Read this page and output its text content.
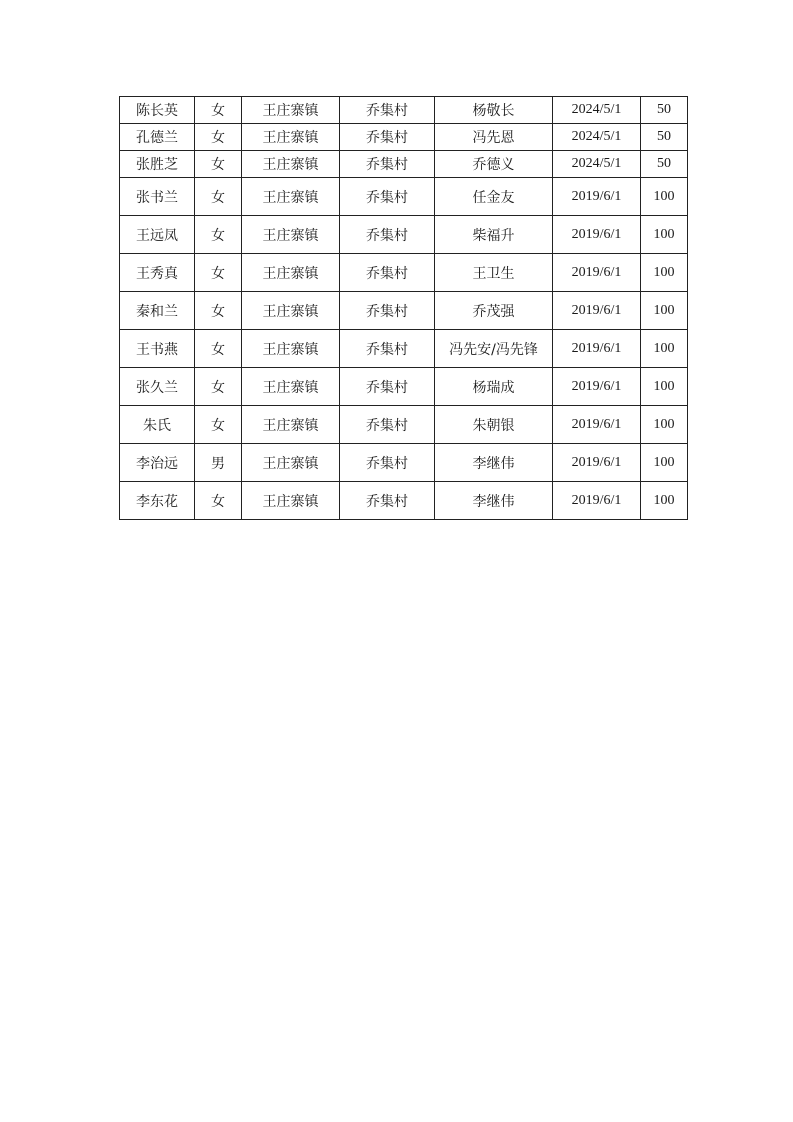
陈长英	女	王庄寨镇	乔集村	杨敬长	2024/5/1	50
孔德兰	女	王庄寨镇	乔集村	冯先恩	2024/5/1	50
张胜芝	女	王庄寨镇	乔集村	乔德义	2024/5/1	50
张书兰	女	王庄寨镇	乔集村	任金友	2019/6/1	100
王远凤	女	王庄寨镇	乔集村	柴福升	2019/6/1	100
王秀真	女	王庄寨镇	乔集村	王卫生	2019/6/1	100
秦和兰	女	王庄寨镇	乔集村	乔茂强	2019/6/1	100
王书燕	女	王庄寨镇	乔集村	冯先安/冯先锋	2019/6/1	100
张久兰	女	王庄寨镇	乔集村	杨瑞成	2019/6/1	100
朱氏	女	王庄寨镇	乔集村	朱朝银	2019/6/1	100
李治远	男	王庄寨镇	乔集村	李继伟	2019/6/1	100
李东花	女	王庄寨镇	乔集村	李继伟	2019/6/1	100
